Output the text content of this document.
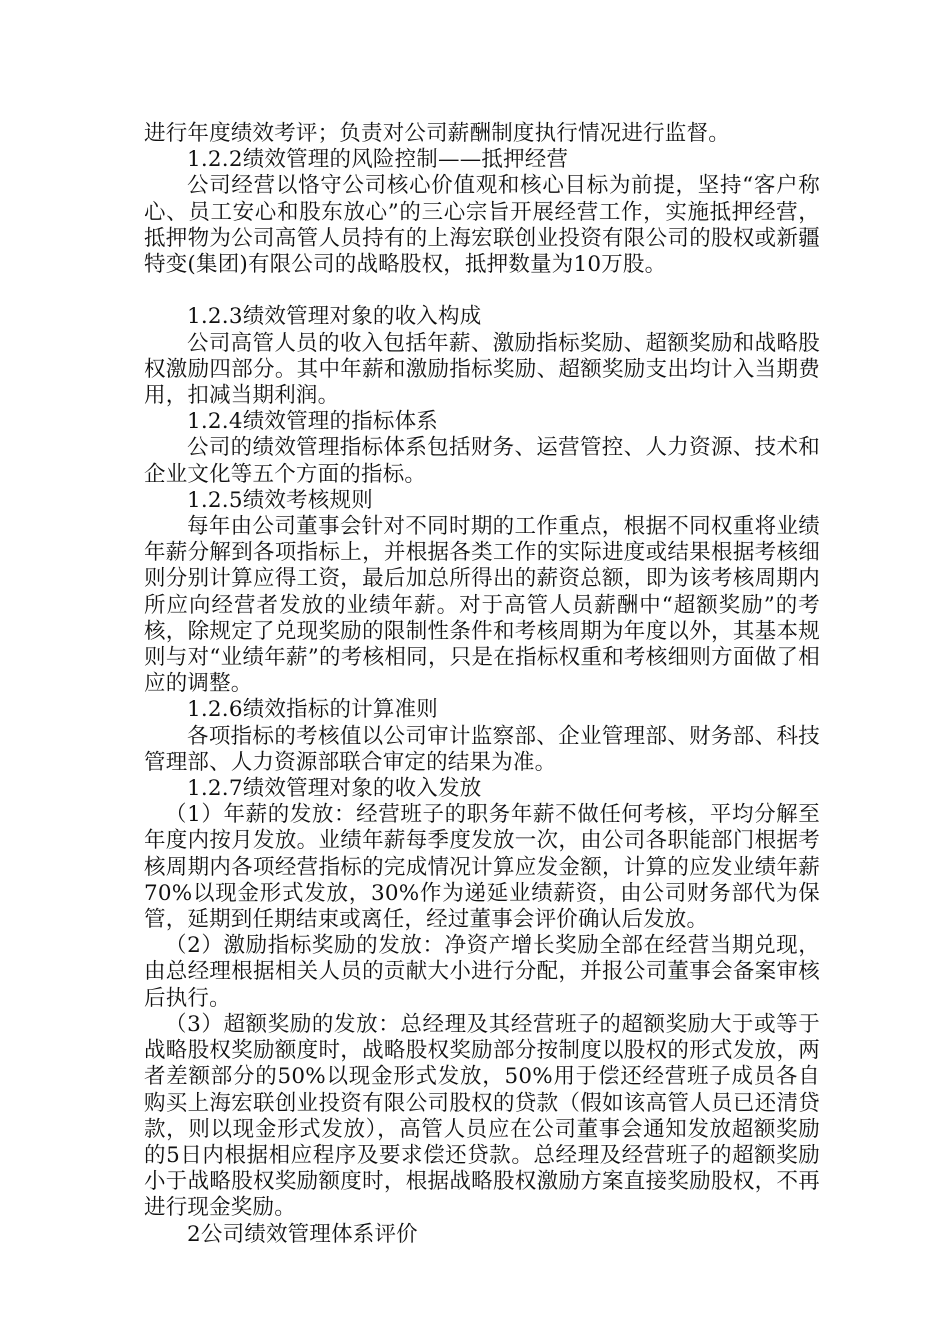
进行年度绩效考评；负责对公司薪酬制度执行情况进行监督。

1.2.2绩效管理的风险控制——抵押经营

公司经营以恪守公司核心价值观和核心目标为前提，坚持“客户称心、员工安心和股东放心”的三心宗旨开展经营工作，实施抵押经营，抵押物为公司高管人员持有的上海宏联创业投资有限公司的股权或新疆特变(集团)有限公司的战略股权，抵押数量为10万股。

1.2.3绩效管理对象的收入构成

公司高管人员的收入包括年薪、激励指标奖励、超额奖励和战略股权激励四部分。其中年薪和激励指标奖励、超额奖励支出均计入当期费用，扣减当期利润。

1.2.4绩效管理的指标体系

公司的绩效管理指标体系包括财务、运营管控、人力资源、技术和企业文化等五个方面的指标。

1.2.5绩效考核规则

每年由公司董事会针对不同时期的工作重点，根据不同权重将业绩年薪分解到各项指标上，并根据各类工作的实际进度或结果根据考核细则分别计算应得工资，最后加总所得出的薪资总额，即为该考核周期内所应向经营者发放的业绩年薪。对于高管人员薪酬中“超额奖励”的考核，除规定了兑现奖励的限制性条件和考核周期为年度以外，其基本规则与对“业绩年薪”的考核相同，只是在指标权重和考核细则方面做了相应的调整。

1.2.6绩效指标的计算准则

各项指标的考核值以公司审计监察部、企业管理部、财务部、科技管理部、人力资源部联合审定的结果为准。

1.2.7绩效管理对象的收入发放

（1）年薪的发放：经营班子的职务年薪不做任何考核，平均分解至年度内按月发放。业绩年薪每季度发放一次，由公司各职能部门根据考核周期内各项经营指标的完成情况计算应发金额，计算的应发业绩年薪70%以现金形式发放，30%作为递延业绩薪资，由公司财务部代为保管，延期到任期结束或离任，经过董事会评价确认后发放。

（2）激励指标奖励的发放：净资产增长奖励全部在经营当期兑现，由总经理根据相关人员的贡献大小进行分配，并报公司董事会备案审核后执行。

（3）超额奖励的发放：总经理及其经营班子的超额奖励大于或等于战略股权奖励额度时，战略股权奖励部分按制度以股权的形式发放，两者差额部分的50%以现金形式发放，50%用于偿还经营班子成员各自购买上海宏联创业投资有限公司股权的贷款（假如该高管人员已还清贷款，则以现金形式发放），高管人员应在公司董事会通知发放超额奖励的5日内根据相应程序及要求偿还贷款。总经理及经营班子的超额奖励小于战略股权奖励额度时，根据战略股权激励方案直接奖励股权，不再进行现金奖励。

2公司绩效管理体系评价
